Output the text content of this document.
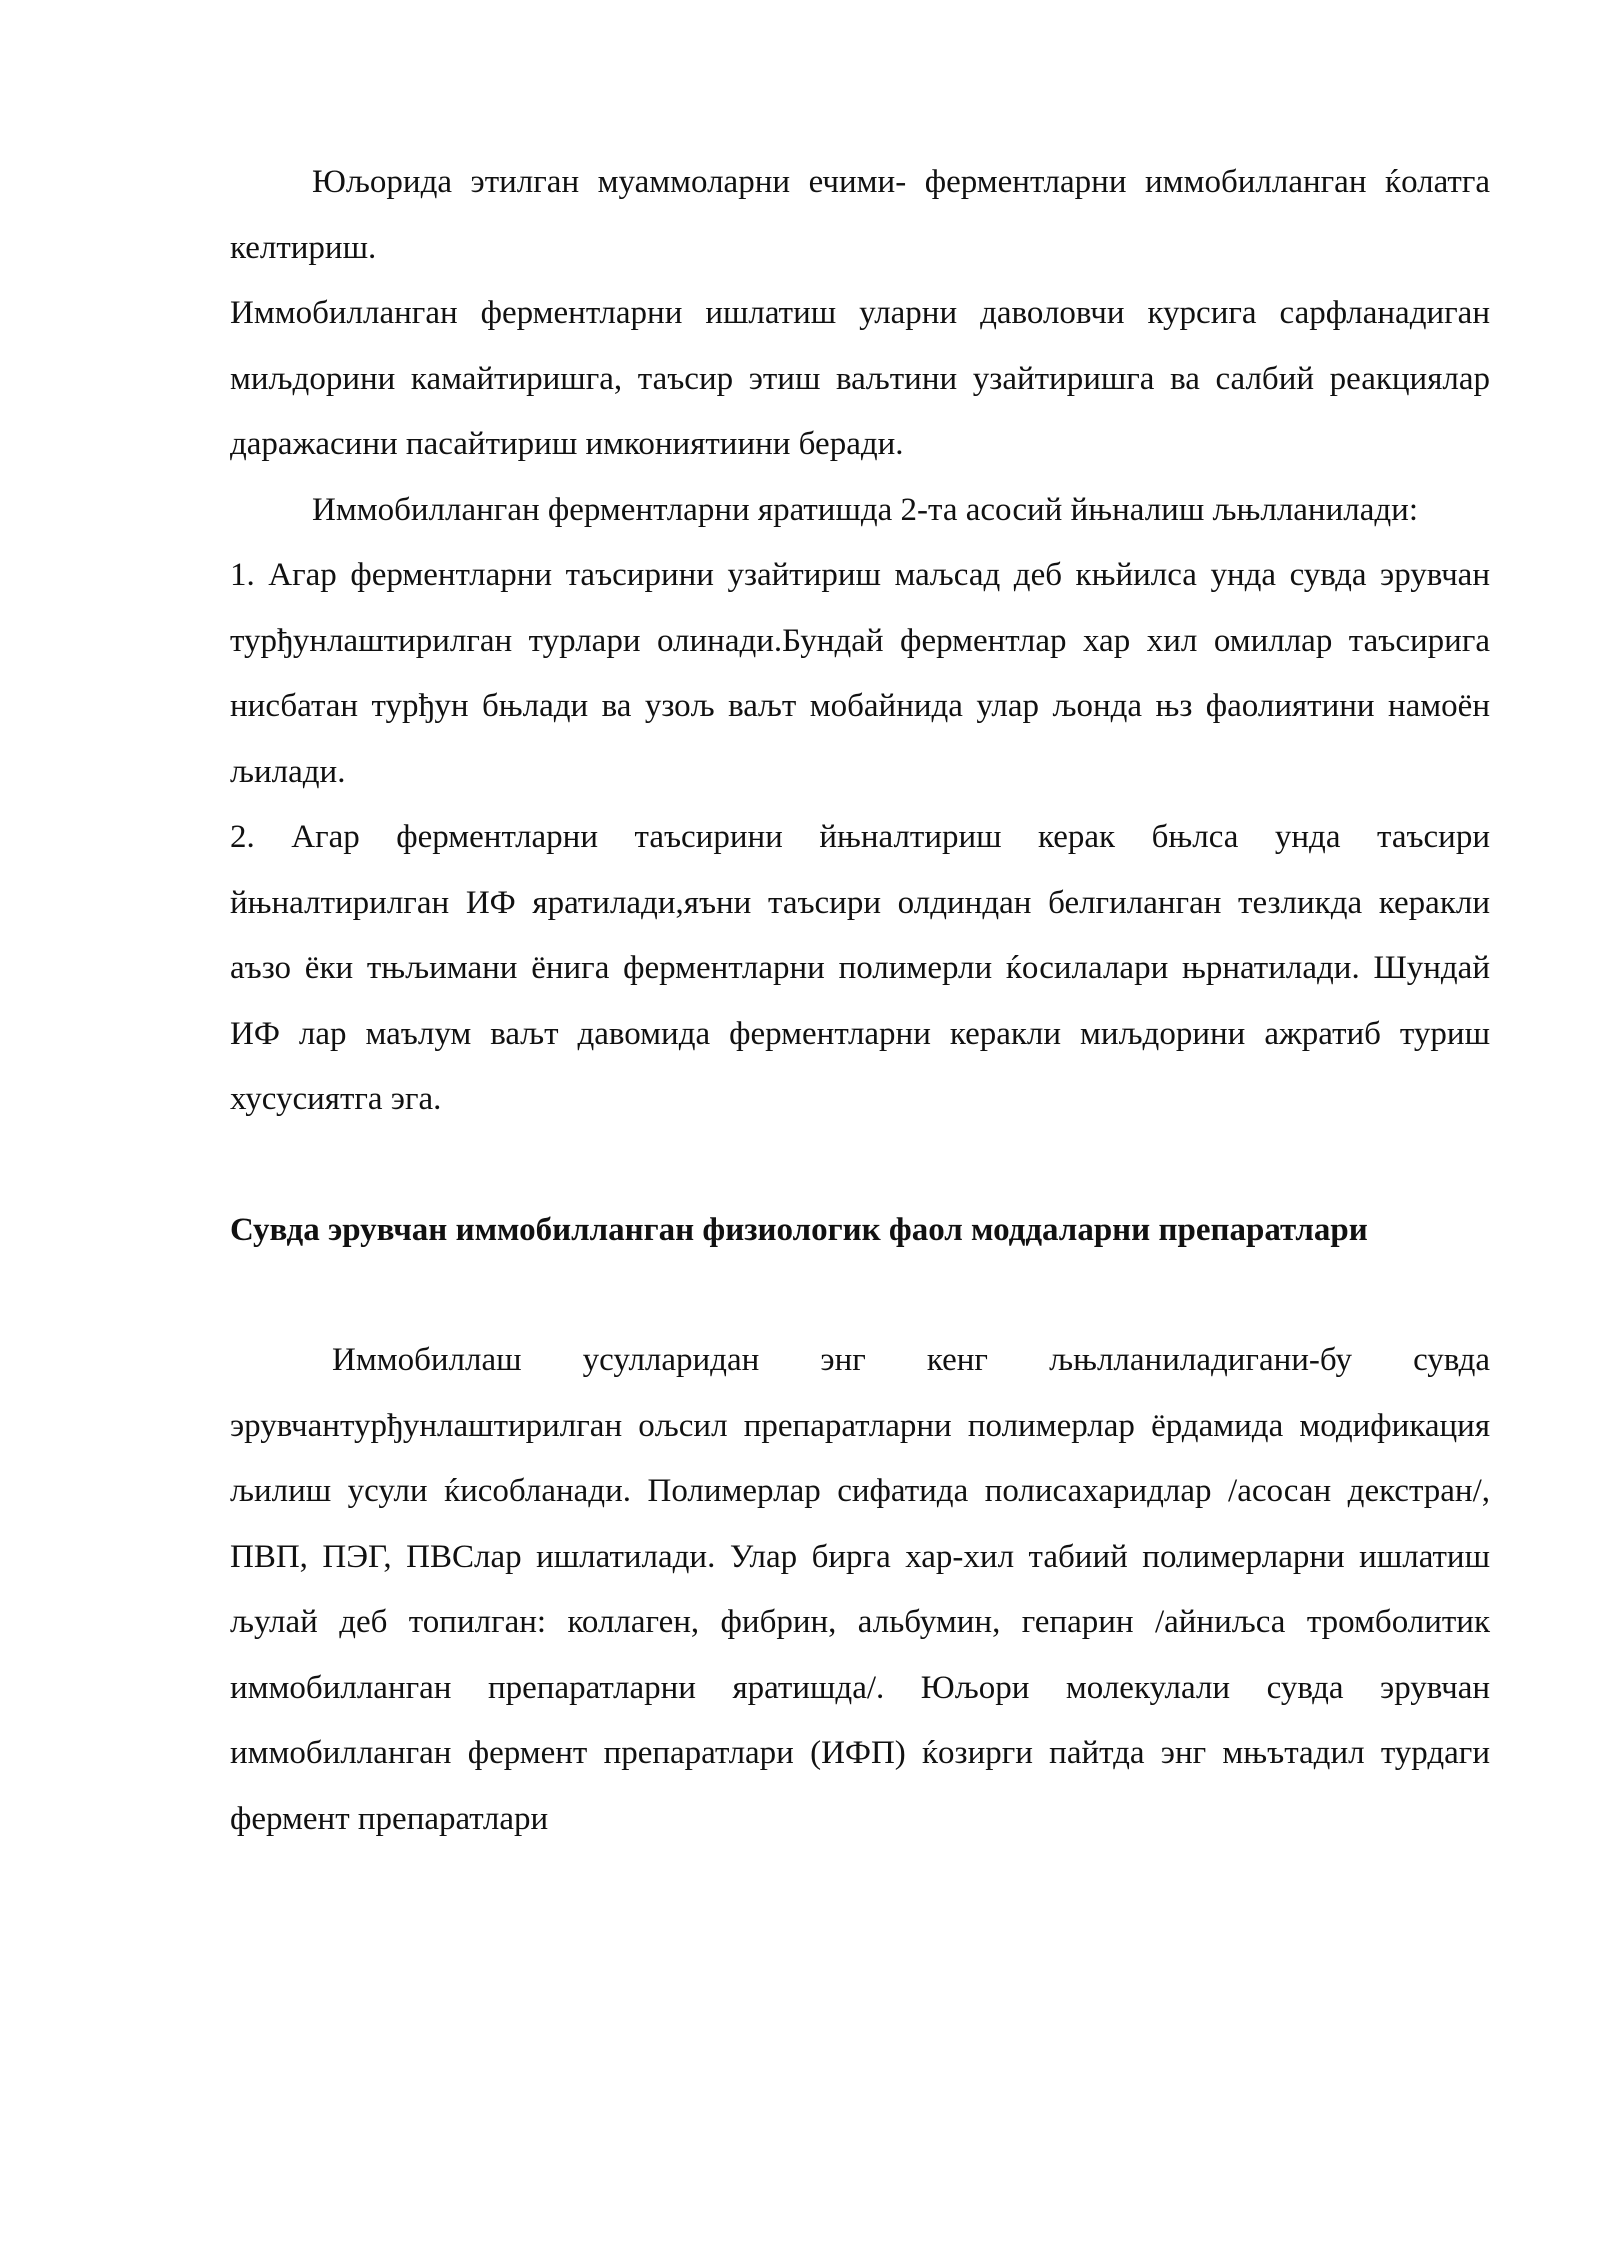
Юљорида этилган муаммоларни ечими- ферментларни иммобилланган ќолатга келтириш.

Иммобилланган ферментларни ишлатиш уларни даволовчи курсига сарфланадиган миљдорини камайтиришга, таъсир этиш ваљтини узайтиришга ва салбий реакциялар даражасини пасайтириш имкониятиини беради.

Иммобилланган ферментларни яратишда 2-та асосий йњналиш љњлланилади:

1. Агар ферментларни таъсирини узайтириш маљсад деб књйилса унда сувда эрувчан турђунлаштирилган турлари олинади.Бундай ферментлар хар хил омиллар таъсирига нисбатан турђун бњлади ва узољ ваљт мобайнида улар љонда њз фаолиятини намоён љилади.

2. Агар ферментларни таъсирини йњналтириш керак бњлса унда таъсири йњналтирилган ИФ яратилади,яъни таъсири олдиндан белгиланган тезликда керакли аъзо ёки тњљимани ёнига ферментларни полимерли ќосилалари њрнатилади. Шундай ИФ лар маълум ваљт давомида ферментларни керакли миљдорини ажратиб туриш хусусиятга эга.

Сувда эрувчан иммобилланган физиологик фаол моддаларни препаратлари

Иммобиллаш усулларидан энг кенг љњлланиладигани-бу сувда эрувчантурђунлаштирилган ољсил препаратларни полимерлар ёрдамида модификация љилиш усули ќисобланади. Полимерлар сифатида полисахаридлар /асосан декстран/, ПВП, ПЭГ, ПВСлар ишлатилади. Улар бирга хар-хил табиий полимерларни ишлатиш љулай деб топилган: коллаген, фибрин, альбумин, гепарин /айниљса тромболитик иммобилланган препаратларни яратишда/. Юљори молекулали сувда эрувчан иммобилланган фермент препаратлари (ИФП) ќозирги пайтда энг мњътадил турдаги фермент препаратлари
